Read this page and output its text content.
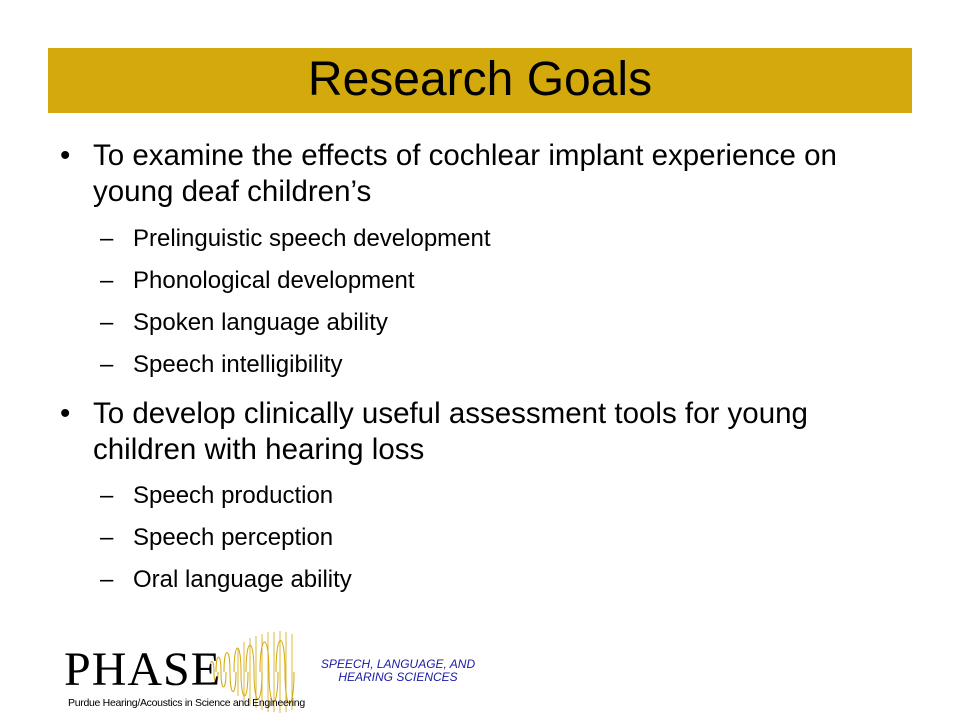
Research Goals
• To examine the effects of cochlear implant experience on young deaf children’s
– Prelinguistic speech development
– Phonological development
– Spoken language ability
– Speech intelligibility
• To develop clinically useful assessment tools for young children with hearing loss
– Speech production
– Speech perception
– Oral language ability
PHASE
Purdue Hearing/Acoustics in Science and Engineering
SPEECH, LANGUAGE, AND
HEARING SCIENCES
